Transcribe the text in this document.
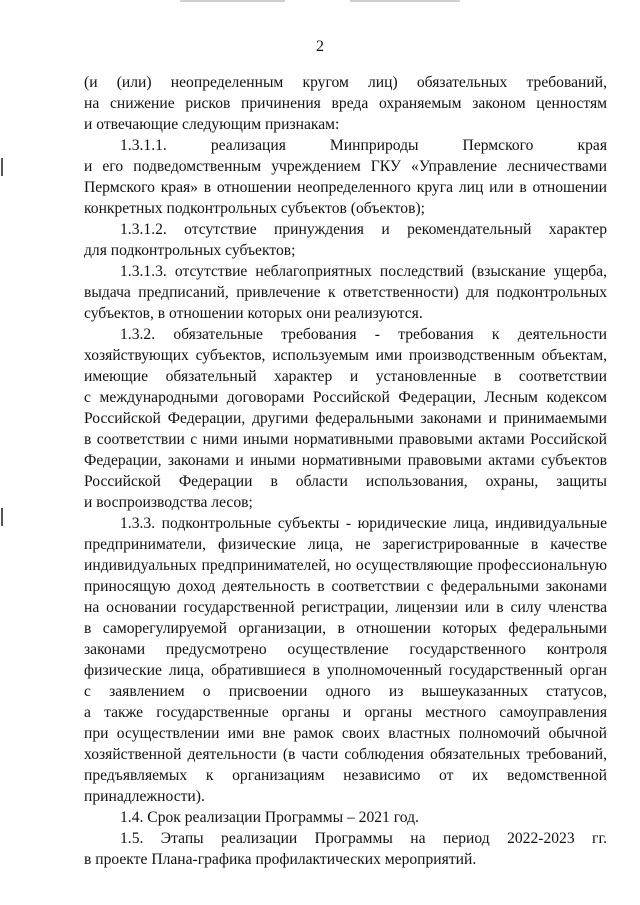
2
(и (или) неопределенным кругом лиц) обязательных требований,
на снижение рисков причинения вреда охраняемым законом ценностям
и отвечающие следующим признакам:
1.3.1.1. реализация Минприроды Пермского края
и его подведомственным учреждением ГКУ «Управление лесничествами
Пермского края» в отношении неопределенного круга лиц или в отношении
конкретных подконтрольных субъектов (объектов);
1.3.1.2. отсутствие принуждения и рекомендательный характер
для подконтрольных субъектов;
1.3.1.3. отсутствие неблагоприятных последствий (взыскание ущерба,
выдача предписаний, привлечение к ответственности) для подконтрольных
субъектов, в отношении которых они реализуются.
1.3.2. обязательные требования - требования к деятельности
хозяйствующих субъектов, используемым ими производственным объектам,
имеющие обязательный характер и установленные в соответствии
с международными договорами Российской Федерации, Лесным кодексом
Российской Федерации, другими федеральными законами и принимаемыми
в соответствии с ними иными нормативными правовыми актами Российской
Федерации, законами и иными нормативными правовыми актами субъектов
Российской Федерации в области использования, охраны, защиты
и воспроизводства лесов;
1.3.3. подконтрольные субъекты - юридические лица, индивидуальные
предприниматели, физические лица, не зарегистрированные в качестве
индивидуальных предпринимателей, но осуществляющие профессиональную
приносящую доход деятельность в соответствии с федеральными законами
на основании государственной регистрации, лицензии или в силу членства
в саморегулируемой организации, в отношении которых федеральными
законами предусмотрено осуществление государственного контроля
физические лица, обратившиеся в уполномоченный государственный орган
с заявлением о присвоении одного из вышеуказанных статусов,
а также государственные органы и органы местного самоуправления
при осуществлении ими вне рамок своих властных полномочий обычной
хозяйственной деятельности (в части соблюдения обязательных требований,
предъявляемых к организациям независимо от их ведомственной
принадлежности).
1.4. Срок реализации Программы – 2021 год.
1.5. Этапы реализации Программы на период 2022-2023 гг.
в проекте Плана-графика профилактических мероприятий.
